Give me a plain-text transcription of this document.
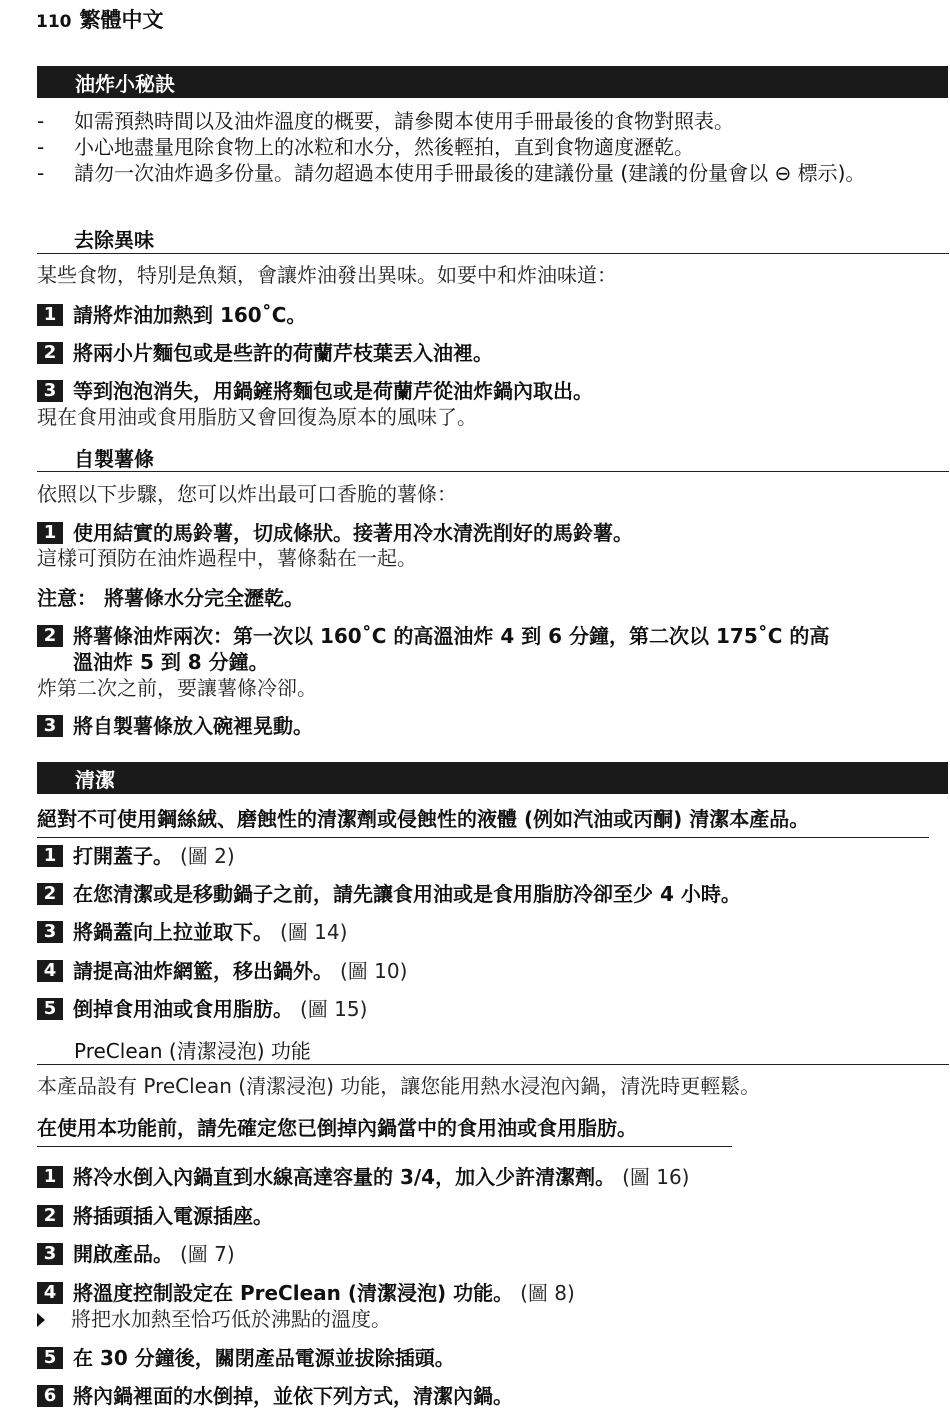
110 繁體中文
油炸小秘訣
- 如需預熱時間以及油炸溫度的概要，請參閱本使用手冊最後的食物對照表。
- 小心地盡量甩除食物上的冰粒和水分，然後輕拍，直到食物適度瀝乾。
- 請勿一次油炸過多份量。請勿超過本使用手冊最後的建議份量 (建議的份量會以 ⊖ 標示)。
去除異味
某些食物，特別是魚類，會讓炸油發出異味。如要中和炸油味道：
1 請將炸油加熱到 160˚C。
2 將兩小片麵包或是些許的荷蘭芹枝葉丟入油裡。
3 等到泡泡消失，用鍋鏟將麵包或是荷蘭芹從油炸鍋內取出。
現在食用油或食用脂肪又會回復為原本的風味了。
自製薯條
依照以下步驟，您可以炸出最可口香脆的薯條：
1 使用結實的馬鈴薯，切成條狀。接著用冷水清洗削好的馬鈴薯。
這樣可預防在油炸過程中，薯條黏在一起。
注意： 將薯條水分完全瀝乾。
2 將薯條油炸兩次：第一次以 160˚C 的高溫油炸 4 到 6 分鐘，第二次以 175˚C 的高
溫油炸 5 到 8 分鐘。
炸第二次之前，要讓薯條冷卻。
3 將自製薯條放入碗裡晃動。
清潔
絕對不可使用鋼絲絨、磨蝕性的清潔劑或侵蝕性的液體 (例如汽油或丙酮) 清潔本產品。
1 打開蓋子。 (圖 2)
2 在您清潔或是移動鍋子之前，請先讓食用油或是食用脂肪冷卻至少 4 小時。
3 將鍋蓋向上拉並取下。 (圖 14)
4 請提高油炸網籃，移出鍋外。 (圖 10)
5 倒掉食用油或食用脂肪。 (圖 15)
PreClean (清潔浸泡) 功能
本產品設有 PreClean (清潔浸泡) 功能，讓您能用熱水浸泡內鍋，清洗時更輕鬆。
在使用本功能前，請先確定您已倒掉內鍋當中的食用油或食用脂肪。
1 將冷水倒入內鍋直到水線高達容量的 3/4，加入少許清潔劑。 (圖 16)
2 將插頭插入電源插座。
3 開啟產品。 (圖 7)
4 將溫度控制設定在 PreClean (清潔浸泡) 功能。 (圖 8)
將把水加熱至恰巧低於沸點的溫度。
5 在 30 分鐘後，關閉產品電源並拔除插頭。
6 將內鍋裡面的水倒掉，並依下列方式，清潔內鍋。
